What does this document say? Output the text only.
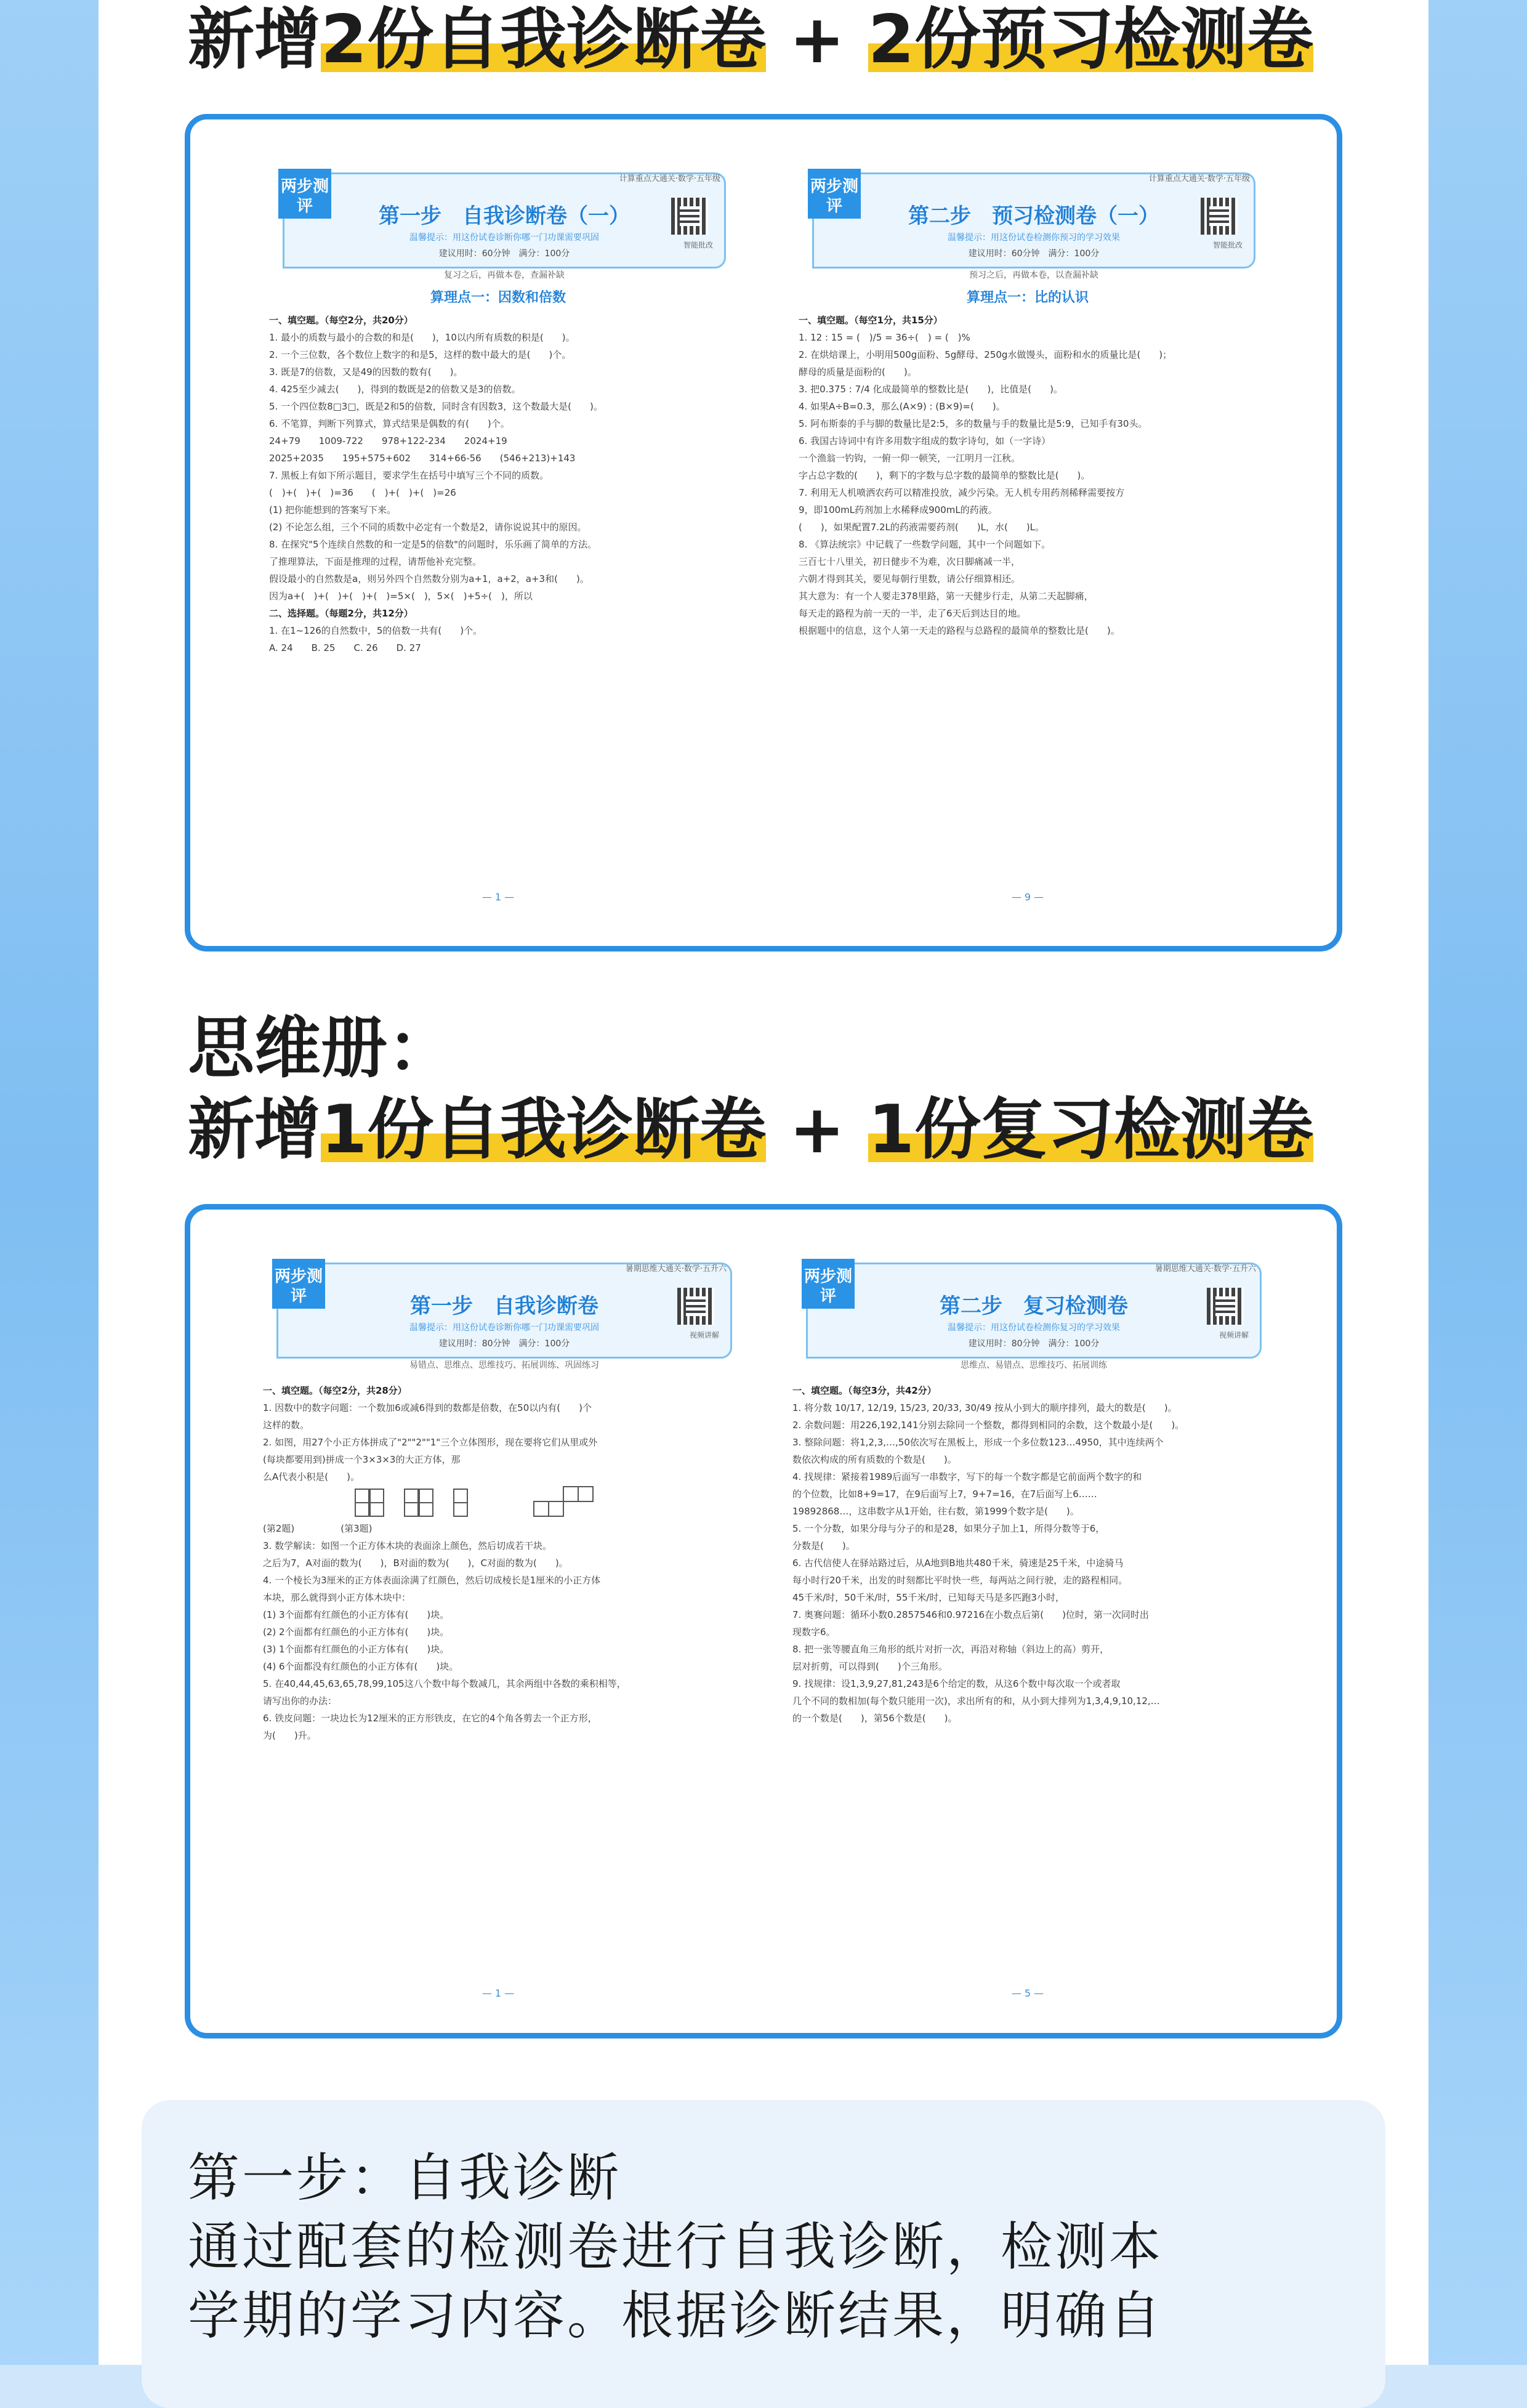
新增2份自我诊断卷 + 2份预习检测卷
两步测评
计算重点大通关·数学·五年级
第一步　自我诊断卷（一）
温馨提示：用这份试卷诊断你哪一门功课需要巩固
建议用时：60分钟　满分：100分
智能批改
复习之后，再做本卷，查漏补缺
算理点一：因数和倍数
一、填空题。（每空2分，共20分）
1. 最小的质数与最小的合数的和是(　　)，10以内所有质数的积是(　　)。
2. 一个三位数，各个数位上数字的和是5，这样的数中最大的是(　　)个。
3. 既是7的倍数，又是49的因数的数有(　　)。
4. 425至少减去(　　)，得到的数既是2的倍数又是3的倍数。
5. 一个四位数8□3□，既是2和5的倍数，同时含有因数3，这个数最大是(　　)。
6. 不笔算，判断下列算式，算式结果是偶数的有(　　)个。
24+79　　1009-722　　978+122-234　　2024+19
2025+2035　　195+575+602　　314+66-56　　(546+213)+143
7. 黑板上有如下所示题目，要求学生在括号中填写三个不同的质数。
(　)+(　)+(　)=36　　(　)+(　)+(　)=26
(1) 把你能想到的答案写下来。
(2) 不论怎么组，三个不同的质数中必定有一个数是2，请你说说其中的原因。
8. 在探究"5个连续自然数的和一定是5的倍数"的问题时，乐乐画了简单的方法。
了推理算法，下面是推理的过程，请帮他补充完整。
假设最小的自然数是a，则另外四个自然数分别为a+1，a+2，a+3和(　　)。
因为a+(　)+(　)+(　)+(　)=5×(　)，5×(　)+5÷(　)，所以
二、选择题。（每题2分，共12分）
1. 在1~126的自然数中，5的倍数一共有(　　)个。
A. 24　　B. 25　　C. 26　　D. 27
— 1 —
两步测评
计算重点大通关·数学·五年级
第二步　预习检测卷（一）
温馨提示：用这份试卷检测你预习的学习效果
建议用时：60分钟　满分：100分
智能批改
预习之后，再做本卷，以查漏补缺
算理点一：比的认识
一、填空题。（每空1分，共15分）
1. 12 : 15 = (　)/5 = 36÷(　) = (　)%
2. 在烘焙课上，小明用500g面粉、5g酵母、250g水做馒头，面粉和水的质量比是(　　)；
酵母的质量是面粉的(　　)。
3. 把0.375 : 7/4 化成最简单的整数比是(　　)，比值是(　　)。
4. 如果A÷B=0.3，那么(A×9) : (B×9)=(　　)。
5. 阿布斯泰的手与脚的数量比是2:5，多的数量与手的数量比是5:9，已知手有30头。
6. 我国古诗词中有许多用数字组成的数字诗句，如（一字诗）
一个渔翁一钓钩，一俯一仰一顿笑，一江明月一江秋。
字占总字数的(　　)，剩下的字数与总字数的最简单的整数比是(　　)。
7. 利用无人机喷洒农药可以精准投放，减少污染。无人机专用药剂稀释需要按方
9，即100mL药剂加上水稀释成900mL的药液。
(　　)，如果配置7.2L的药液需要药剂(　　)L，水(　　)L。
8. 《算法统宗》中记载了一些数学问题，其中一个问题如下。
三百七十八里关，初日健步不为难，次日脚痛减一半，
六朝才得到其关，要见每朝行里数，请公仔细算相还。
其大意为：有一个人要走378里路，第一天健步行走，从第二天起脚痛，
每天走的路程为前一天的一半，走了6天后到达目的地。
根据题中的信息，这个人第一天走的路程与总路程的最简单的整数比是(　　)。
— 9 —
思维册：
新增1份自我诊断卷 + 1份复习检测卷
两步测评
暑期思维大通关·数学·五升六
第一步　自我诊断卷
温馨提示：用这份试卷诊断你哪一门功课需要巩固
建议用时：80分钟　满分：100分
视频讲解
易错点、思维点、思维技巧、拓展训练、巩固练习
一、填空题。（每空2分，共28分）
1. 因数中的数字问题：一个数加6或减6得到的数都是倍数，在50以内有(　　)个
这样的数。
2. 如图，用27个小正方体拼成了"2""2""1"三个立体图形，现在要将它们从里或外
(每块都要用到)拼成一个3×3×3的大正方体，那
么A代表小积是(　　)。
(第2题)　　　　　(第3题)
3. 数学解读：如图一个正方体木块的表面涂上颜色，然后切成若干块。
之后为7，A对面的数为(　　)，B对面的数为(　　)，C对面的数为(　　)。
4. 一个棱长为3厘米的正方体表面涂满了红颜色，然后切成棱长是1厘米的小正方体
本块，那么就得到小正方体木块中：
(1) 3个面都有红颜色的小正方体有(　　)块。
(2) 2个面都有红颜色的小正方体有(　　)块。
(3) 1个面都有红颜色的小正方体有(　　)块。
(4) 6个面都没有红颜色的小正方体有(　　)块。
5. 在40,44,45,63,65,78,99,105这八个数中每个数减几，其余两组中各数的乘积相等，
请写出你的办法：
6. 铁皮问题：一块边长为12厘米的正方形铁皮，在它的4个角各剪去一个正方形，
为(　　)升。
— 1 —
两步测评
暑期思维大通关·数学·五升六
第二步　复习检测卷
温馨提示：用这份试卷检测你复习的学习效果
建议用时：80分钟　满分：100分
视频讲解
思维点、易错点、思维技巧、拓展训练
一、填空题。（每空3分，共42分）
1. 将分数 10/17, 12/19, 15/23, 20/33, 30/49 按从小到大的顺序排列，最大的数是(　　)。
2. 余数问题：用226,192,141分别去除同一个整数，都得到相同的余数，这个数最小是(　　)。
3. 整除问题：将1,2,3,…,50依次写在黑板上，形成一个多位数123…4950，其中连续两个
数依次构成的所有质数的个数是(　　)。
4. 找规律：紧接着1989后面写一串数字，写下的每一个数字都是它前面两个数字的和
的个位数，比如8+9=17，在9后面写上7，9+7=16，在7后面写上6……
19892868…，这串数字从1开始，往右数，第1999个数字是(　　)。
5. 一个分数，如果分母与分子的和是28，如果分子加上1，所得分数等于6，
分数是(　　)。
6. 古代信使人在驿站路过后，从A地到B地共480千米，骑速是25千米，中途骑马
每小时行20千米，出发的时刻都比平时快一些，每两站之间行驶，走的路程相同。
45千米/时，50千米/时，55千米/时，已知每天马是多匹跑3小时，
7. 奥赛问题：循环小数0.2857546和0.97216在小数点后第(　　)位时，第一次同时出
现数字6。
8. 把一张等腰直角三角形的纸片对折一次，再沿对称轴（斜边上的高）剪开，
层对折剪，可以得到(　　)个三角形。
9. 找规律：设1,3,9,27,81,243是6个给定的数，从这6个数中每次取一个或者取
几个不同的数相加(每个数只能用一次)，求出所有的和，从小到大排列为1,3,4,9,10,12,…
的一个数是(　　)，第56个数是(　　)。
— 5 —
第一步：自我诊断
通过配套的检测卷进行自我诊断，检测本
学期的学习内容。根据诊断结果，明确自
